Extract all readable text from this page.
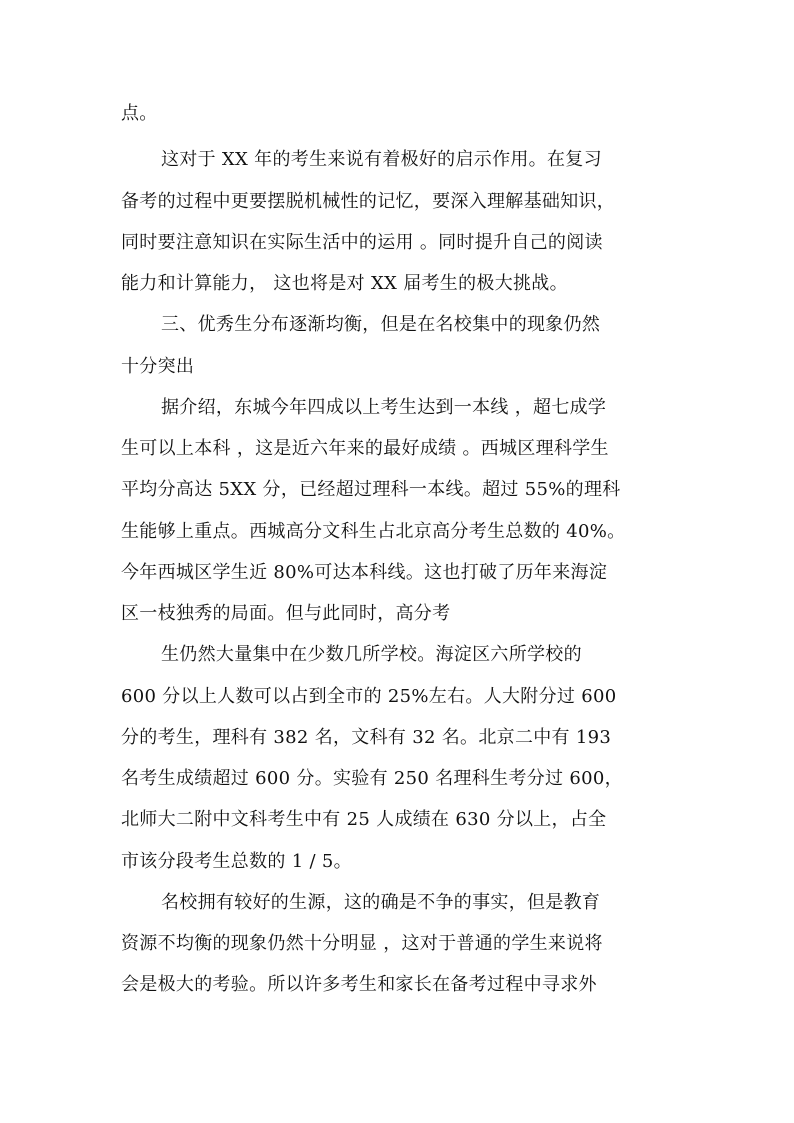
点。
这对于 XX 年的考生来说有着极好的启示作用。在复习
备考的过程中更要摆脱机械性的记忆，要深入理解基础知识，
同时要注意知识在实际生活中的运用 。同时提升自己的阅读
能力和计算能力， 这也将是对 XX 届考生的极大挑战。
三、优秀生分布逐渐均衡，但是在名校集中的现象仍然
十分突出
据介绍，东城今年四成以上考生达到一本线 ，超七成学
生可以上本科 ，这是近六年来的最好成绩 。西城区理科学生
平均分高达 5XX 分，已经超过理科一本线。超过 55%的理科
生能够上重点。西城高分文科生占北京高分考生总数的 40%。
今年西城区学生近 80%可达本科线。这也打破了历年来海淀
区一枝独秀的局面。但与此同时，高分考
生仍然大量集中在少数几所学校。海淀区六所学校的
600 分以上人数可以占到全市的 25%左右。人大附分过 600
分的考生，理科有 382 名，文科有 32 名。北京二中有 193
名考生成绩超过 600 分。实验有 250 名理科生考分过 600，
北师大二附中文科考生中有 25 人成绩在 630 分以上，占全
市该分段考生总数的 1 / 5。
名校拥有较好的生源，这的确是不争的事实，但是教育
资源不均衡的现象仍然十分明显 ，这对于普通的学生来说将
会是极大的考验。所以许多考生和家长在备考过程中寻求外
